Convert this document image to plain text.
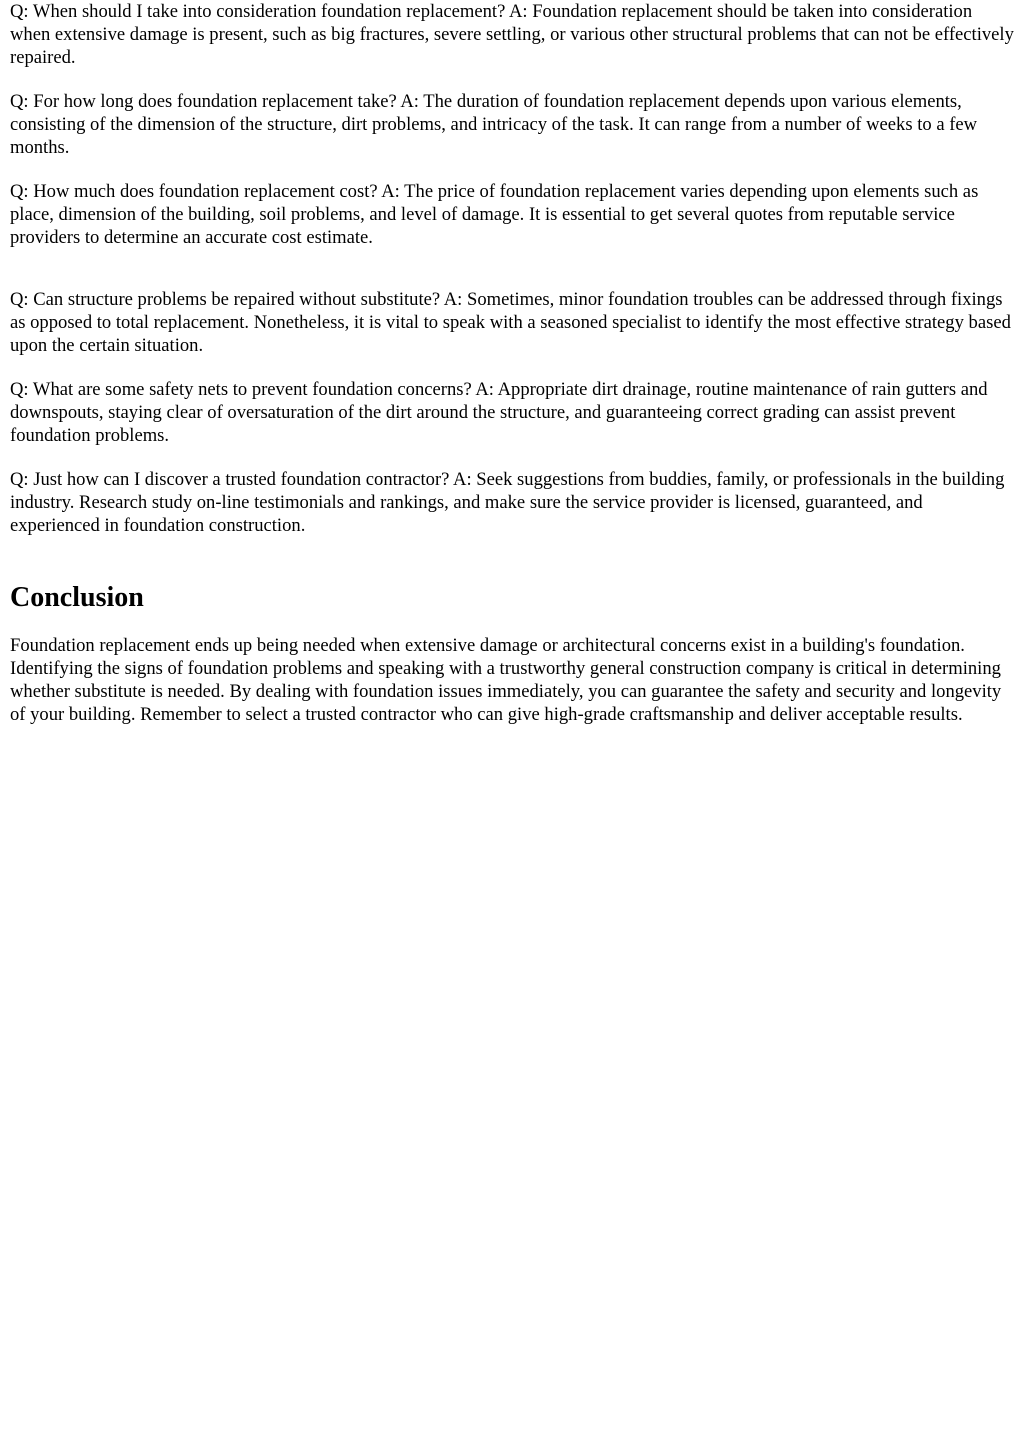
Q: When should I take into consideration foundation replacement? A: Foundation replacement should be taken into consideration when extensive damage is present, such as big fractures, severe settling, or various other structural problems that can not be effectively repaired.

Q: For how long does foundation replacement take? A: The duration of foundation replacement depends upon various elements, consisting of the dimension of the structure, dirt problems, and intricacy of the task. It can range from a number of weeks to a few months.

Q: How much does foundation replacement cost? A: The price of foundation replacement varies depending upon elements such as place, dimension of the building, soil problems, and level of damage. It is essential to get several quotes from reputable service providers to determine an accurate cost estimate.

Q: Can structure problems be repaired without substitute? A: Sometimes, minor foundation troubles can be addressed through fixings as opposed to total replacement. Nonetheless, it is vital to speak with a seasoned specialist to identify the most effective strategy based upon the certain situation.

Q: What are some safety nets to prevent foundation concerns? A: Appropriate dirt drainage, routine maintenance of rain gutters and downspouts, staying clear of oversaturation of the dirt around the structure, and guaranteeing correct grading can assist prevent foundation problems.

Q: Just how can I discover a trusted foundation contractor? A: Seek suggestions from buddies, family, or professionals in the building industry. Research study on-line testimonials and rankings, and make sure the service provider is licensed, guaranteed, and experienced in foundation construction.

Conclusion

Foundation replacement ends up being needed when extensive damage or architectural concerns exist in a building's foundation. Identifying the signs of foundation problems and speaking with a trustworthy general construction company is critical in determining whether substitute is needed. By dealing with foundation issues immediately, you can guarantee the safety and security and longevity of your building. Remember to select a trusted contractor who can give high-grade craftsmanship and deliver acceptable results.
